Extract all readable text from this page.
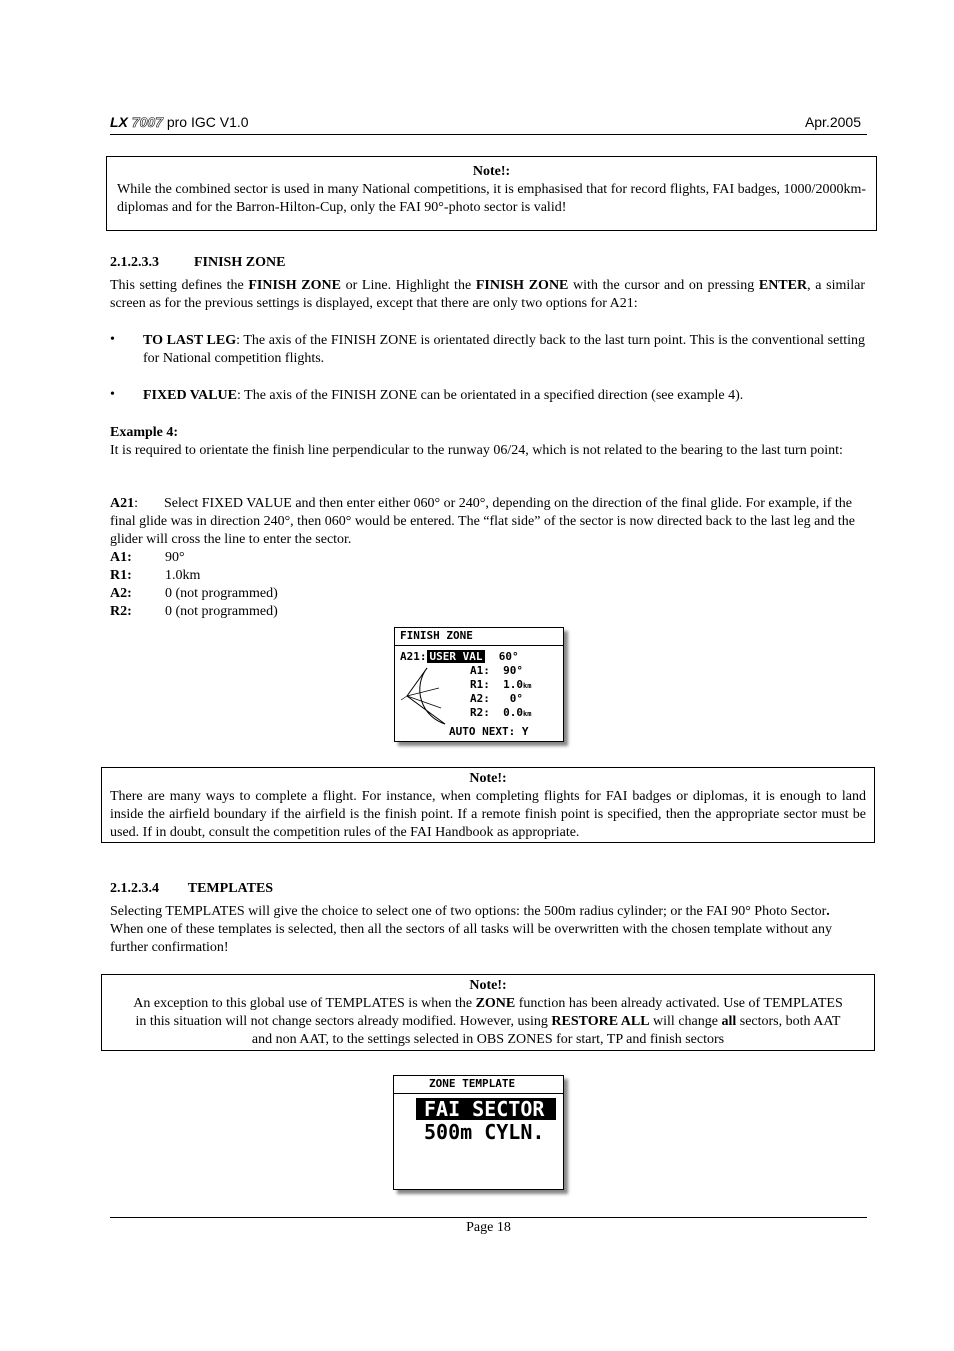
LX 7007 pro IGC V1.0	Apr.2005
Note!:
While the combined sector is used in many National competitions, it is emphasised that for record flights, FAI badges, 1000/2000km-diplomas and for the Barron-Hilton-Cup, only the FAI 90°-photo sector is valid!
2.1.2.3.3	FINISH ZONE
This setting defines the FINISH ZONE or Line. Highlight the FINISH ZONE with the cursor and on pressing ENTER, a similar screen as for the previous settings is displayed, except that there are only two options for A21:
• TO LAST LEG: The axis of the FINISH ZONE is orientated directly back to the last turn point. This is the conventional setting for National competition flights.
• FIXED VALUE: The axis of the FINISH ZONE can be orientated in a specified direction (see example 4).
Example 4:
It is required to orientate the finish line perpendicular to the runway 06/24, which is not related to the bearing to the last turn point:
A21: Select FIXED VALUE and then enter either 060° or 240°, depending on the direction of the final glide. For example, if the final glide was in direction 240°, then 060° would be entered. The “flat side” of the sector is now directed back to the last leg and the glider will cross the line to enter the sector.
A1: 90°
R1: 1.0km
A2: 0 (not programmed)
R2: 0 (not programmed)
FINISH ZONE
A21: USER VAL 60°
A1:  90°
R1:  1.0km
A2:   0°
R2:  0.0km
AUTO NEXT: Y
Note!:
There are many ways to complete a flight. For instance, when completing flights for FAI badges or diplomas, it is enough to land inside the airfield boundary if the airfield is the finish point. If a remote finish point is specified, then the appropriate sector must be used. If in doubt, consult the competition rules of the FAI Handbook as appropriate.
2.1.2.3.4 TEMPLATES
Selecting TEMPLATES will give the choice to select one of two options: the 500m radius cylinder; or the FAI 90° Photo Sector. When one of these templates is selected, then all the sectors of all tasks will be overwritten with the chosen template without any further confirmation!
Note!:
An exception to this global use of TEMPLATES is when the ZONE function has been already activated. Use of TEMPLATES in this situation will not change sectors already modified. However, using RESTORE ALL will change all sectors, both AAT and non AAT, to the settings selected in OBS ZONES for start, TP and finish sectors
ZONE TEMPLATE
FAI SECTOR
500m CYLN.
Page 18
